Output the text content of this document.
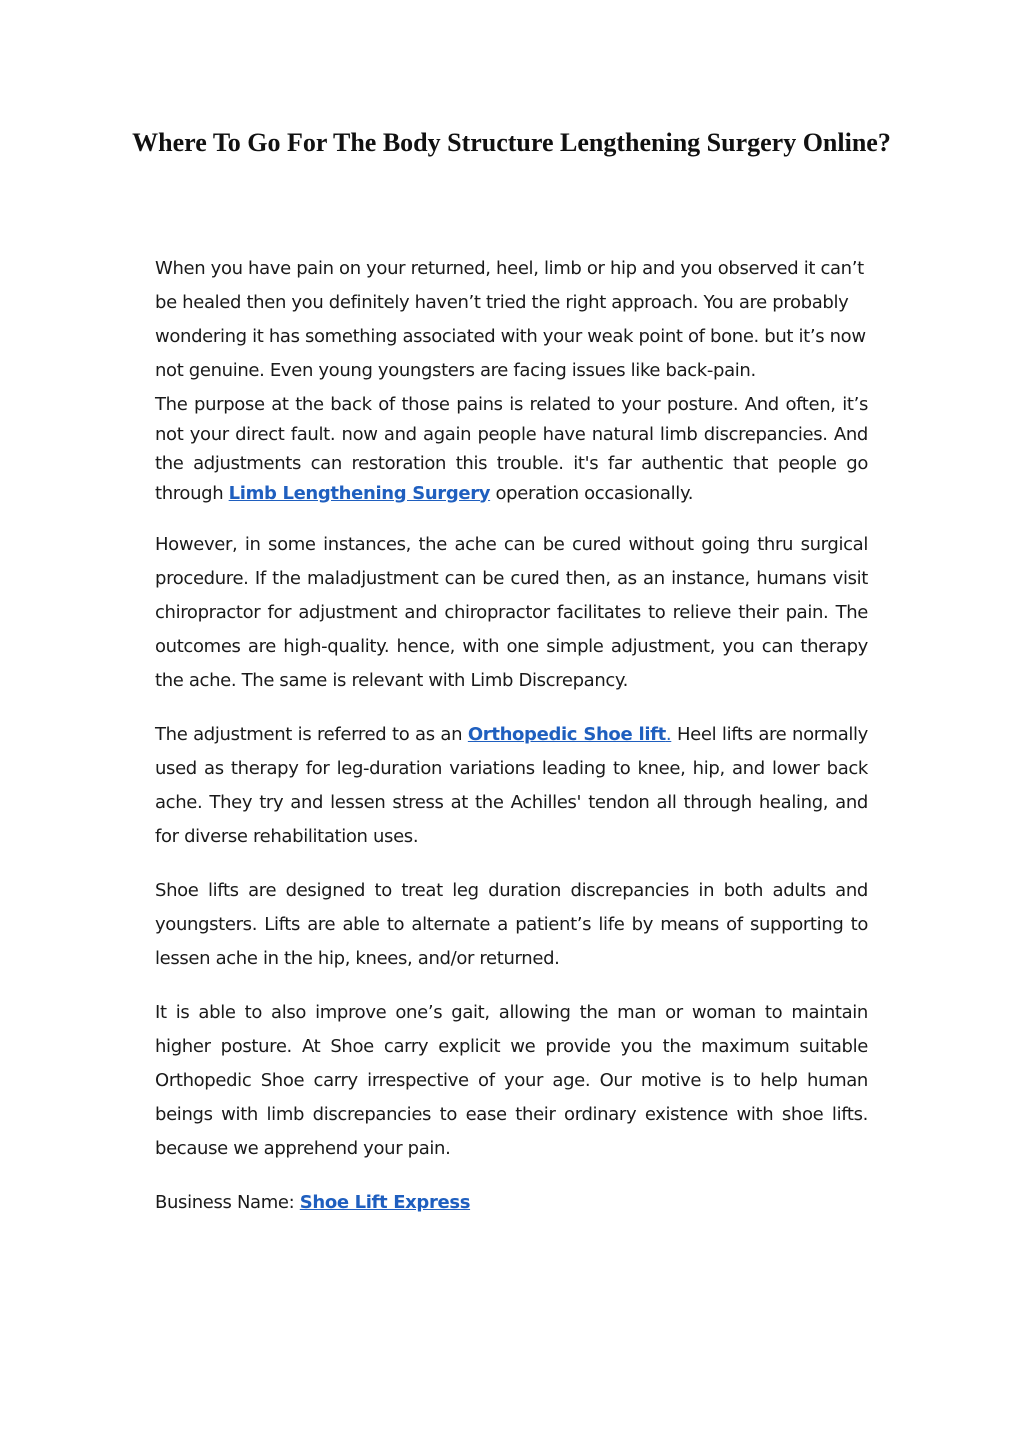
Where To Go For The Body Structure Lengthening Surgery Online?

When you have pain on your returned, heel, limb or hip and you observed it can’t be healed then you definitely haven’t tried the right approach. You are probably wondering it has something associated with your weak point of bone. but it’s now not genuine. Even young youngsters are facing issues like back-pain.

The purpose at the back of those pains is related to your posture. And often, it’s not your direct fault. now and again people have natural limb discrepancies. And the adjustments can restoration this trouble. it's far authentic that people go through Limb Lengthening Surgery operation occasionally.

However, in some instances, the ache can be cured without going thru surgical procedure. If the maladjustment can be cured then, as an instance, humans visit chiropractor for adjustment and chiropractor facilitates to relieve their pain. The outcomes are high-quality. hence, with one simple adjustment, you can therapy the ache. The same is relevant with Limb Discrepancy.

The adjustment is referred to as an Orthopedic Shoe lift. Heel lifts are normally used as therapy for leg-duration variations leading to knee, hip, and lower back ache. They try and lessen stress at the Achilles' tendon all through healing, and for diverse rehabilitation uses.

Shoe lifts are designed to treat leg duration discrepancies in both adults and youngsters. Lifts are able to alternate a patient’s life by means of supporting to lessen ache in the hip, knees, and/or returned.

It is able to also improve one’s gait, allowing the man or woman to maintain higher posture. At Shoe carry explicit we provide you the maximum suitable Orthopedic Shoe carry irrespective of your age. Our motive is to help human beings with limb discrepancies to ease their ordinary existence with shoe lifts. because we apprehend your pain.

Business Name: Shoe Lift Express
